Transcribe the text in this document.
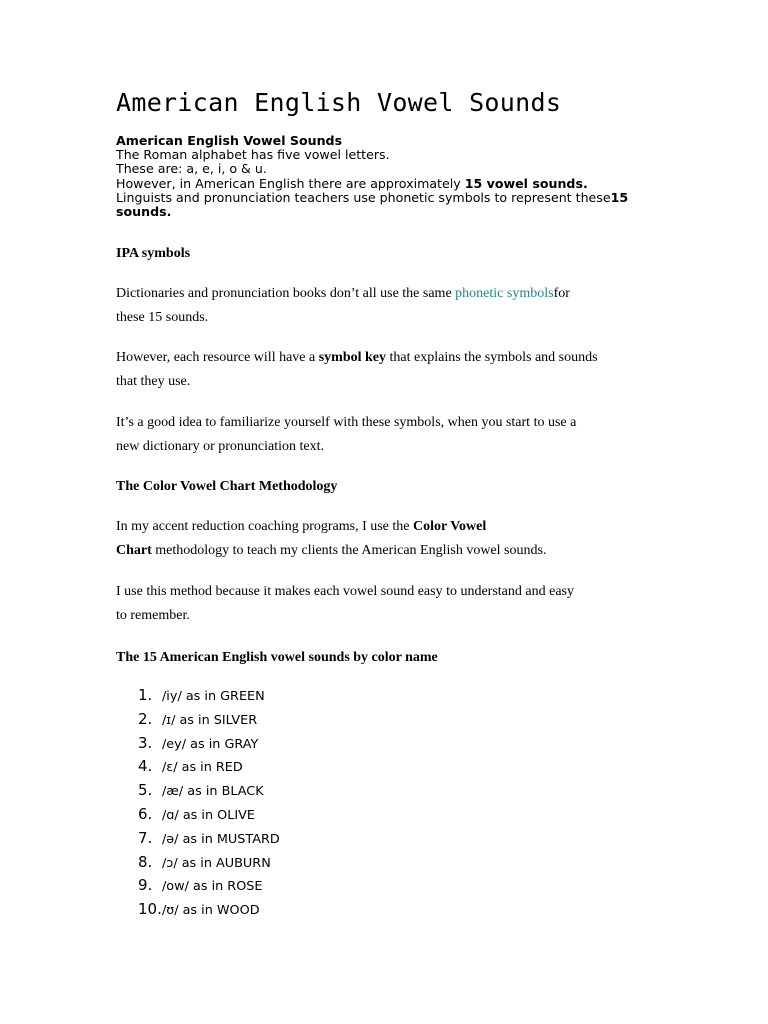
American English Vowel Sounds
American English Vowel Sounds
The Roman alphabet has five vowel letters.
These are: a, e, i, o & u.
However, in American English there are approximately 15 vowel sounds.
Linguists and pronunciation teachers use phonetic symbols to represent these15
sounds.
IPA symbols
Dictionaries and pronunciation books don’t all use the same phonetic symbolsfor
these 15 sounds.
However, each resource will have a symbol key that explains the symbols and sounds
that they use.
It’s a good idea to familiarize yourself with these symbols, when you start to use a
new dictionary or pronunciation text.
The Color Vowel Chart Methodology
In my accent reduction coaching programs, I use the Color Vowel
Chart methodology to teach my clients the American English vowel sounds.
I use this method because it makes each vowel sound easy to understand and easy
to remember.
The 15 American English vowel sounds by color name
1. /iy/ as in GREEN
2. /ɪ/ as in SILVER
3. /ey/ as in GRAY
4. /ɛ/ as in RED
5. /æ/ as in BLACK
6. /ɑ/ as in OLIVE
7. /ə/ as in MUSTARD
8. /ɔ/ as in AUBURN
9. /ow/ as in ROSE
10. /ʊ/ as in WOOD
